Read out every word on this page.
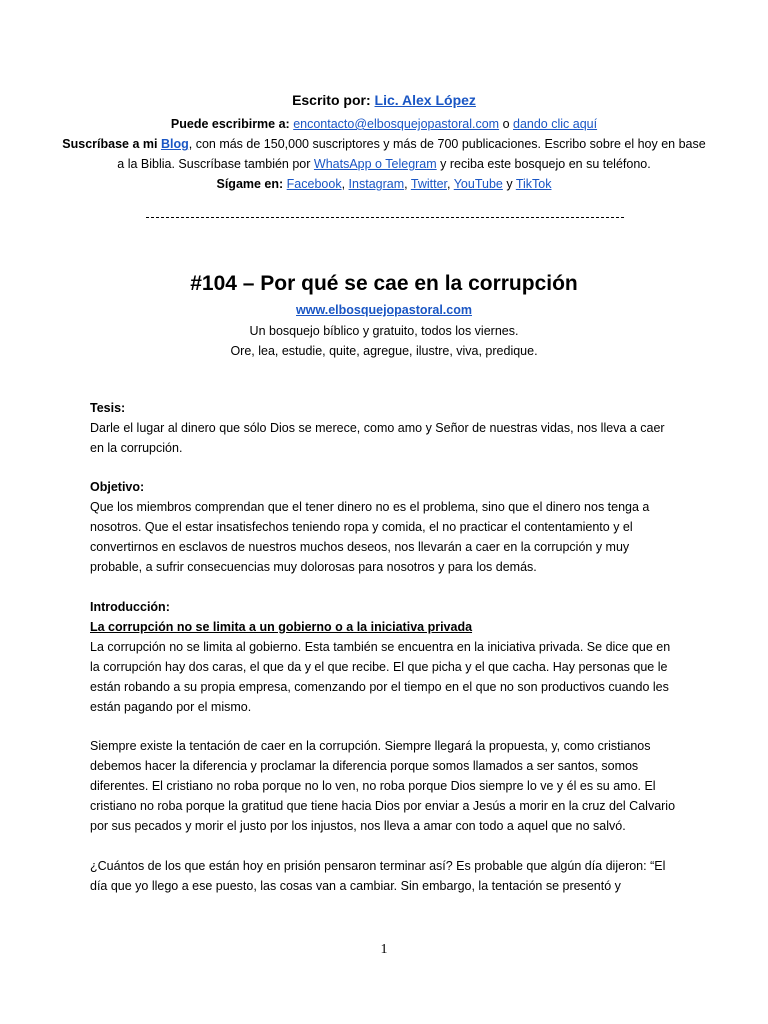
Escrito por: Lic. Alex López
Puede escribirme a: encontacto@elbosquejopastoral.com o dando clic aquí
Suscríbase a mi Blog, con más de 150,000 suscriptores y más de 700 publicaciones. Escribo sobre el hoy en base a la Biblia. Suscríbase también por WhatsApp o Telegram y reciba este bosquejo en su teléfono.
Sígame en: Facebook, Instagram, Twitter, YouTube y TikTok
#104 – Por qué se cae en la corrupción
www.elbosquejopastoral.com
Un bosquejo bíblico y gratuito, todos los viernes.
Ore, lea, estudie, quite, agregue, ilustre, viva, predique.

Tesis:

Darle el lugar al dinero que sólo Dios se merece, como amo y Señor de nuestras vidas, nos lleva a caer en la corrupción.

Objetivo:

Que los miembros comprendan que el tener dinero no es el problema, sino que el dinero nos tenga a nosotros. Que el estar insatisfechos teniendo ropa y comida, el no practicar el contentamiento y el convertirnos en esclavos de nuestros muchos deseos, nos llevarán a caer en la corrupción y muy probable, a sufrir consecuencias muy dolorosas para nosotros y para los demás.

Introducción:

La corrupción no se limita a un gobierno o a la iniciativa privada

La corrupción no se limita al gobierno. Esta también se encuentra en la iniciativa privada. Se dice que en la corrupción hay dos caras, el que da y el que recibe. El que picha y el que cacha. Hay personas que le están robando a su propia empresa, comenzando por el tiempo en el que no son productivos cuando les están pagando por el mismo.

Siempre existe la tentación de caer en la corrupción. Siempre llegará la propuesta, y, como cristianos debemos hacer la diferencia y proclamar la diferencia porque somos llamados a ser santos, somos diferentes. El cristiano no roba porque no lo ven, no roba porque Dios siempre lo ve y él es su amo. El cristiano no roba porque la gratitud que tiene hacia Dios por enviar a Jesús a morir en la cruz del Calvario por sus pecados y morir el justo por los injustos, nos lleva a amar con todo a aquel que no salvó.

¿Cuántos de los que están hoy en prisión pensaron terminar así? Es probable que algún día dijeron: “El día que yo llego a ese puesto, las cosas van a cambiar. Sin embargo, la tentación se presentó y

1
